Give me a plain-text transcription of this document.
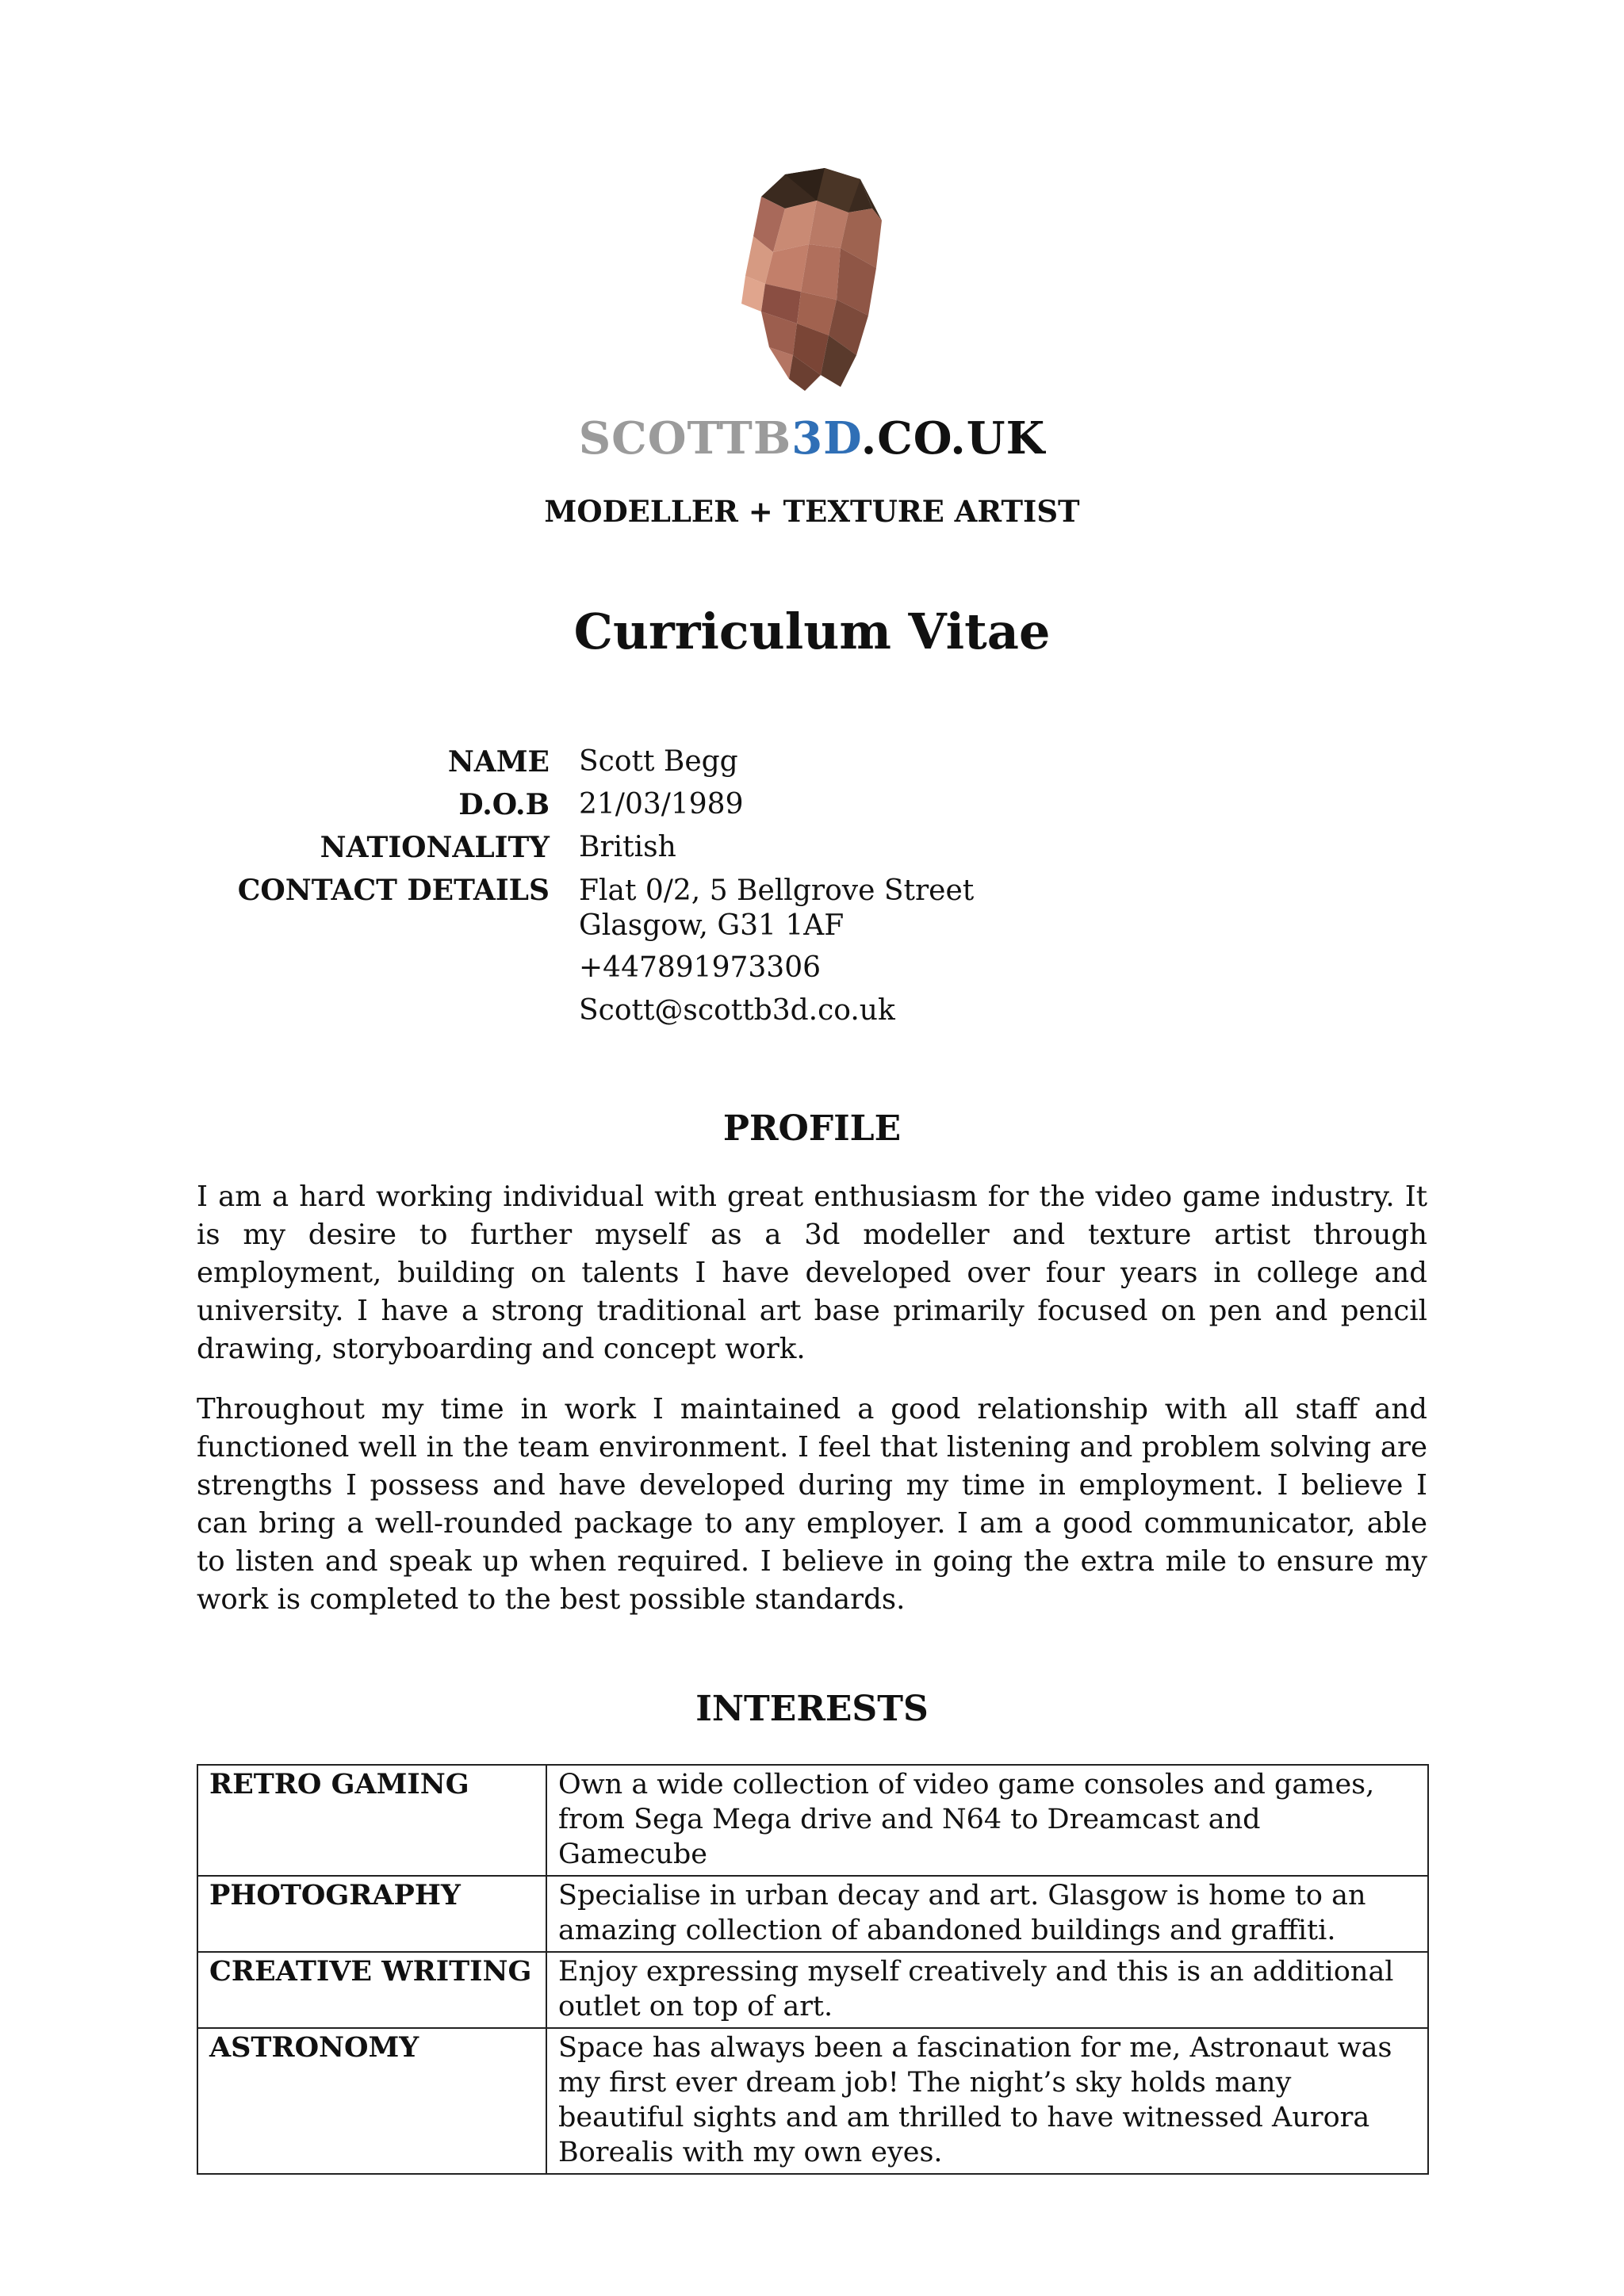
SCOTTB3D.CO.UK
MODELLER + TEXTURE ARTIST
Curriculum Vitae
NAME Scott Begg
D.O.B 21/03/1989
NATIONALITY British
CONTACT DETAILS Flat 0/2, 5 Bellgrove Street
Glasgow, G31 1AF
+447891973306
Scott@scottb3d.co.uk
PROFILE

I am a hard working individual with great enthusiasm for the video game industry. It is my desire to further myself as a 3d modeller and texture artist through employment, building on talents I have developed over four years in college and university. I have a strong traditional art base primarily focused on pen and pencil drawing, storyboarding and concept work.

Throughout my time in work I maintained a good relationship with all staff and functioned well in the team environment. I feel that listening and problem solving are strengths I possess and have developed during my time in employment. I believe I can bring a well-rounded package to any employer. I am a good communicator, able to listen and speak up when required. I believe in going the extra mile to ensure my work is completed to the best possible standards.

INTERESTS
RETRO GAMING	Own a wide collection of video game consoles and games, from Sega Mega drive and N64 to Dreamcast and Gamecube
PHOTOGRAPHY	Specialise in urban decay and art. Glasgow is home to an amazing collection of abandoned buildings and graffiti.
CREATIVE WRITING	Enjoy expressing myself creatively and this is an additional outlet on top of art.
ASTRONOMY	Space has always been a fascination for me, Astronaut was my first ever dream job! The night’s sky holds many beautiful sights and am thrilled to have witnessed Aurora Borealis with my own eyes.
